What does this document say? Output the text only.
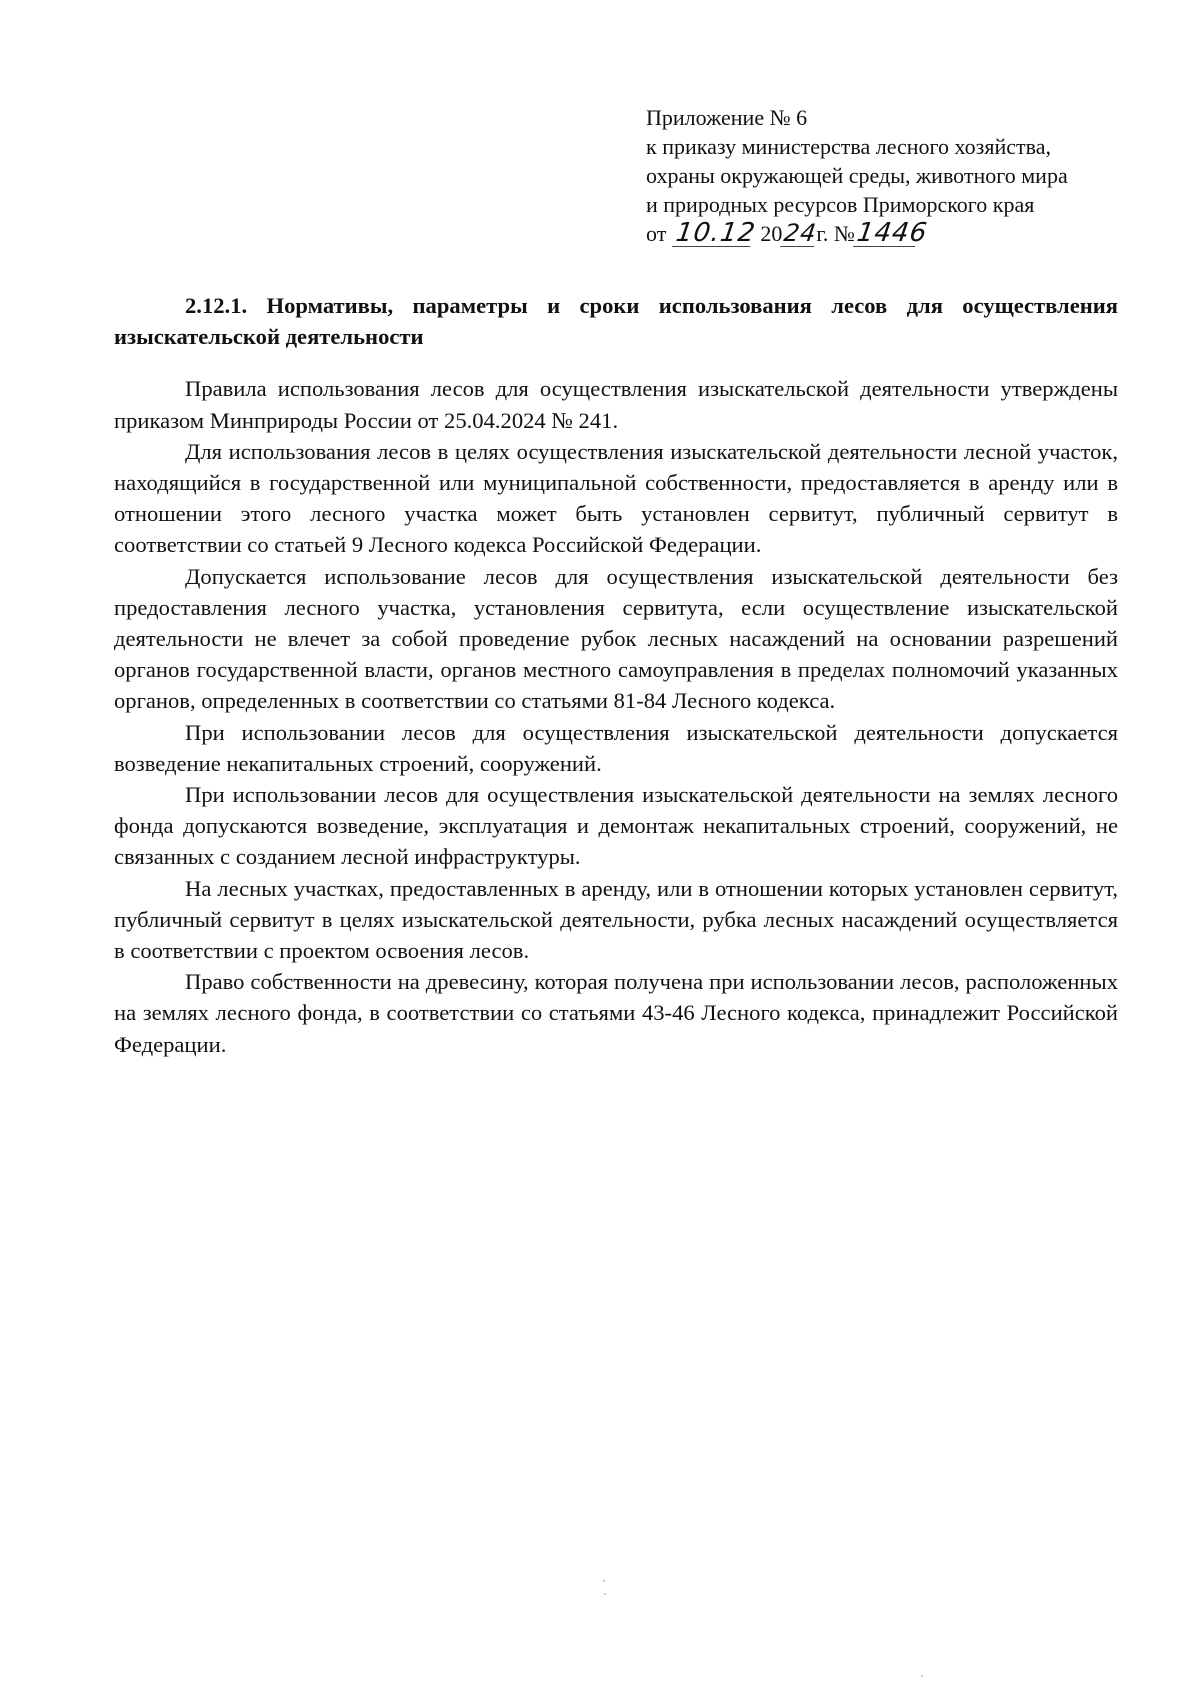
Приложение № 6
к приказу министерства лесного хозяйства,
охраны окружающей среды, животного мира
и природных ресурсов Приморского края
от 10.12 20 24
г. № 1446

2.12.1. Нормативы, параметры и сроки использования лесов для осуществления изыскательской деятельности

Правила использования лесов для осуществления изыскательской деятельности утверждены приказом Минприроды России от 25.04.2024 № 241.

Для использования лесов в целях осуществления изыскательской деятельности лесной участок, находящийся в государственной или муниципальной собственности, предоставляется в аренду или в отношении этого лесного участка может быть установлен сервитут, публичный сервитут в соответствии со статьей 9 Лесного кодекса Российской Федерации.

Допускается использование лесов для осуществления изыскательской деятельности без предоставления лесного участка, установления сервитута, если осуществление изыскательской деятельности не влечет за собой проведение рубок лесных насаждений на основании разрешений органов государственной власти, органов местного самоуправления в пределах полномочий указанных органов, определенных в соответствии со статьями 81-84 Лесного кодекса.

При использовании лесов для осуществления изыскательской деятельности допускается возведение некапитальных строений, сооружений.

При использовании лесов для осуществления изыскательской деятельности на землях лесного фонда допускаются возведение, эксплуатация и демонтаж некапитальных строений, сооружений, не связанных с созданием лесной инфраструктуры.

На лесных участках, предоставленных в аренду, или в отношении которых установлен сервитут, публичный сервитут в целях изыскательской деятельности, рубка лесных насаждений осуществляется в соответствии с проектом освоения лесов.

Право собственности на древесину, которая получена при использовании лесов, расположенных на землях лесного фонда, в соответствии со статьями 43-46 Лесного кодекса, принадлежит Российской Федерации.
